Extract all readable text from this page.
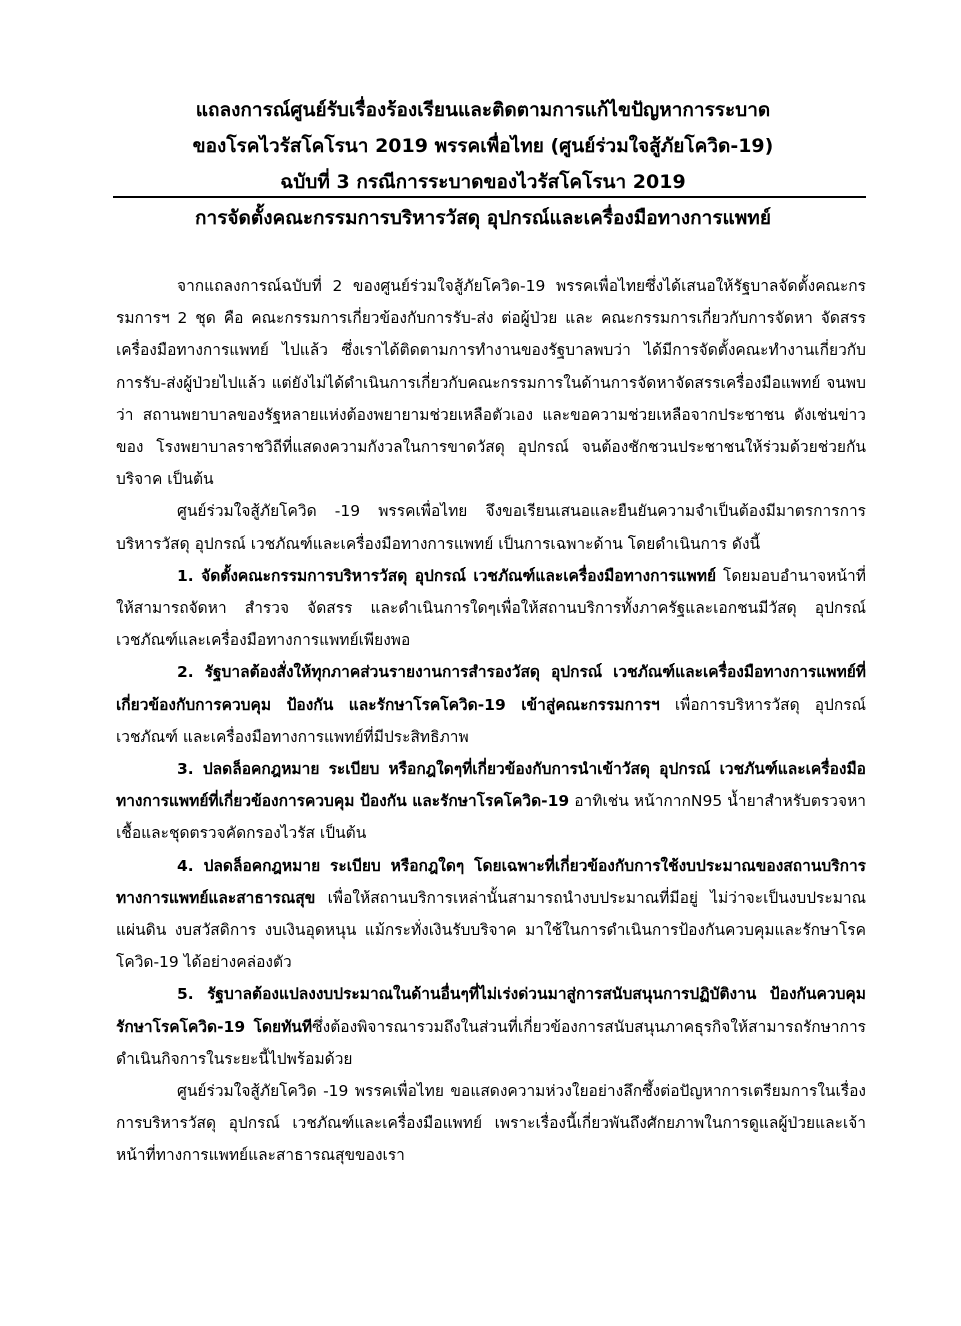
แถลงการณ์ศูนย์รับเรื่องร้องเรียนและติดตามการแก้ไขปัญหาการระบาด
ของโรคไวรัสโคโรนา 2019 พรรคเพื่อไทย (ศูนย์ร่วมใจสู้ภัยโควิด-19)
ฉบับที่ 3 กรณีการระบาดของไวรัสโคโรนา 2019
การจัดตั้งคณะกรรมการบริหารวัสดุ อุปกรณ์และเครื่องมือทางการแพทย์

จากแถลงการณ์ฉบับที่ 2 ของศูนย์ร่วมใจสู้ภัยโควิด-19 พรรคเพื่อไทยซึ่งได้เสนอให้รัฐบาลจัดตั้งคณะกรรมการฯ 2 ชุด คือ คณะกรรมการเกี่ยวข้องกับการรับ-ส่ง ต่อผู้ป่วย และ คณะกรรมการเกี่ยวกับการจัดหา จัดสรรเครื่องมือทางการแพทย์ ไปแล้ว ซึ่งเราได้ติดตามการทำงานของรัฐบาลพบว่า ได้มีการจัดตั้งคณะทำงานเกี่ยวกับการรับ-ส่งผู้ป่วยไปแล้ว แต่ยังไม่ได้ดำเนินการเกี่ยวกับคณะกรรมการในด้านการจัดหาจัดสรรเครื่องมือแพทย์ จนพบว่า สถานพยาบาลของรัฐหลายแห่งต้องพยายามช่วยเหลือตัวเอง และขอความช่วยเหลือจากประชาชน ดังเช่นข่าวของ โรงพยาบาลราชวิถีที่แสดงความกังวลในการขาดวัสดุ อุปกรณ์ จนต้องชักชวนประชาชนให้ร่วมด้วยช่วยกันบริจาค เป็นต้น

ศูนย์ร่วมใจสู้ภัยโควิด -19 พรรคเพื่อไทย จึงขอเรียนเสนอและยืนยันความจำเป็นต้องมีมาตรการการบริหารวัสดุ อุปกรณ์ เวชภัณฑ์และเครื่องมือทางการแพทย์ เป็นการเฉพาะด้าน โดยดำเนินการ ดังนี้

1. จัดตั้งคณะกรรมการบริหารวัสดุ อุปกรณ์ เวชภัณฑ์และเครื่องมือทางการแพทย์ โดยมอบอำนาจหน้าที่ให้สามารถจัดหา สำรวจ จัดสรร และดำเนินการใดๆเพื่อให้สถานบริการทั้งภาครัฐและเอกชนมีวัสดุ อุปกรณ์ เวชภัณฑ์และเครื่องมือทางการแพทย์เพียงพอ

2. รัฐบาลต้องสั่งให้ทุกภาคส่วนรายงานการสำรองวัสดุ อุปกรณ์ เวชภัณฑ์และเครื่องมือทางการแพทย์ที่เกี่ยวข้องกับการควบคุม ป้องกัน และรักษาโรคโควิด-19 เข้าสู่คณะกรรมการฯ เพื่อการบริหารวัสดุ อุปกรณ์ เวชภัณฑ์ และเครื่องมือทางการแพทย์ที่มีประสิทธิภาพ

3. ปลดล็อคกฎหมาย ระเบียบ หรือกฎใดๆที่เกี่ยวข้องกับการนำเข้าวัสดุ อุปกรณ์ เวชภันฑ์และเครื่องมือทางการแพทย์ที่เกี่ยวข้องการควบคุม ป้องกัน และรักษาโรคโควิด-19 อาทิเช่น หน้ากากN95 น้ำยาสำหรับตรวจหาเชื้อและชุดตรวจคัดกรองไวรัส เป็นต้น

4. ปลดล็อคกฎหมาย ระเบียบ หรือกฎใดๆ โดยเฉพาะที่เกี่ยวข้องกับการใช้งบประมาณของสถานบริการทางการแพทย์และสาธารณสุข เพื่อให้สถานบริการเหล่านั้นสามารถนำงบประมาณที่มีอยู่ ไม่ว่าจะเป็นงบประมาณแผ่นดิน งบสวัสดิการ งบเงินอุดหนุน แม้กระทั่งเงินรับบริจาค มาใช้ในการดำเนินการป้องกันควบคุมและรักษาโรคโควิด-19 ได้อย่างคล่องตัว

5. รัฐบาลต้องแปลงงบประมาณในด้านอื่นๆที่ไม่เร่งด่วนมาสู่การสนับสนุนการปฏิบัติงาน ป้องกันควบคุม รักษาโรคโควิด-19 โดยทันทีซึ่งต้องพิจารณารวมถึงในส่วนที่เกี่ยวข้องการสนับสนุนภาคธุรกิจให้สามารถรักษาการดำเนินกิจการในระยะนี้ไปพร้อมด้วย

ศูนย์ร่วมใจสู้ภัยโควิด -19 พรรคเพื่อไทย ขอแสดงความห่วงใยอย่างลึกซึ้งต่อปัญหาการเตรียมการในเรื่องการบริหารวัสดุ อุปกรณ์ เวชภัณฑ์และเครื่องมือแพทย์ เพราะเรื่องนี้เกี่ยวพันถึงศักยภาพในการดูแลผู้ป่วยและเจ้าหน้าที่ทางการแพทย์และสาธารณสุขของเรา
